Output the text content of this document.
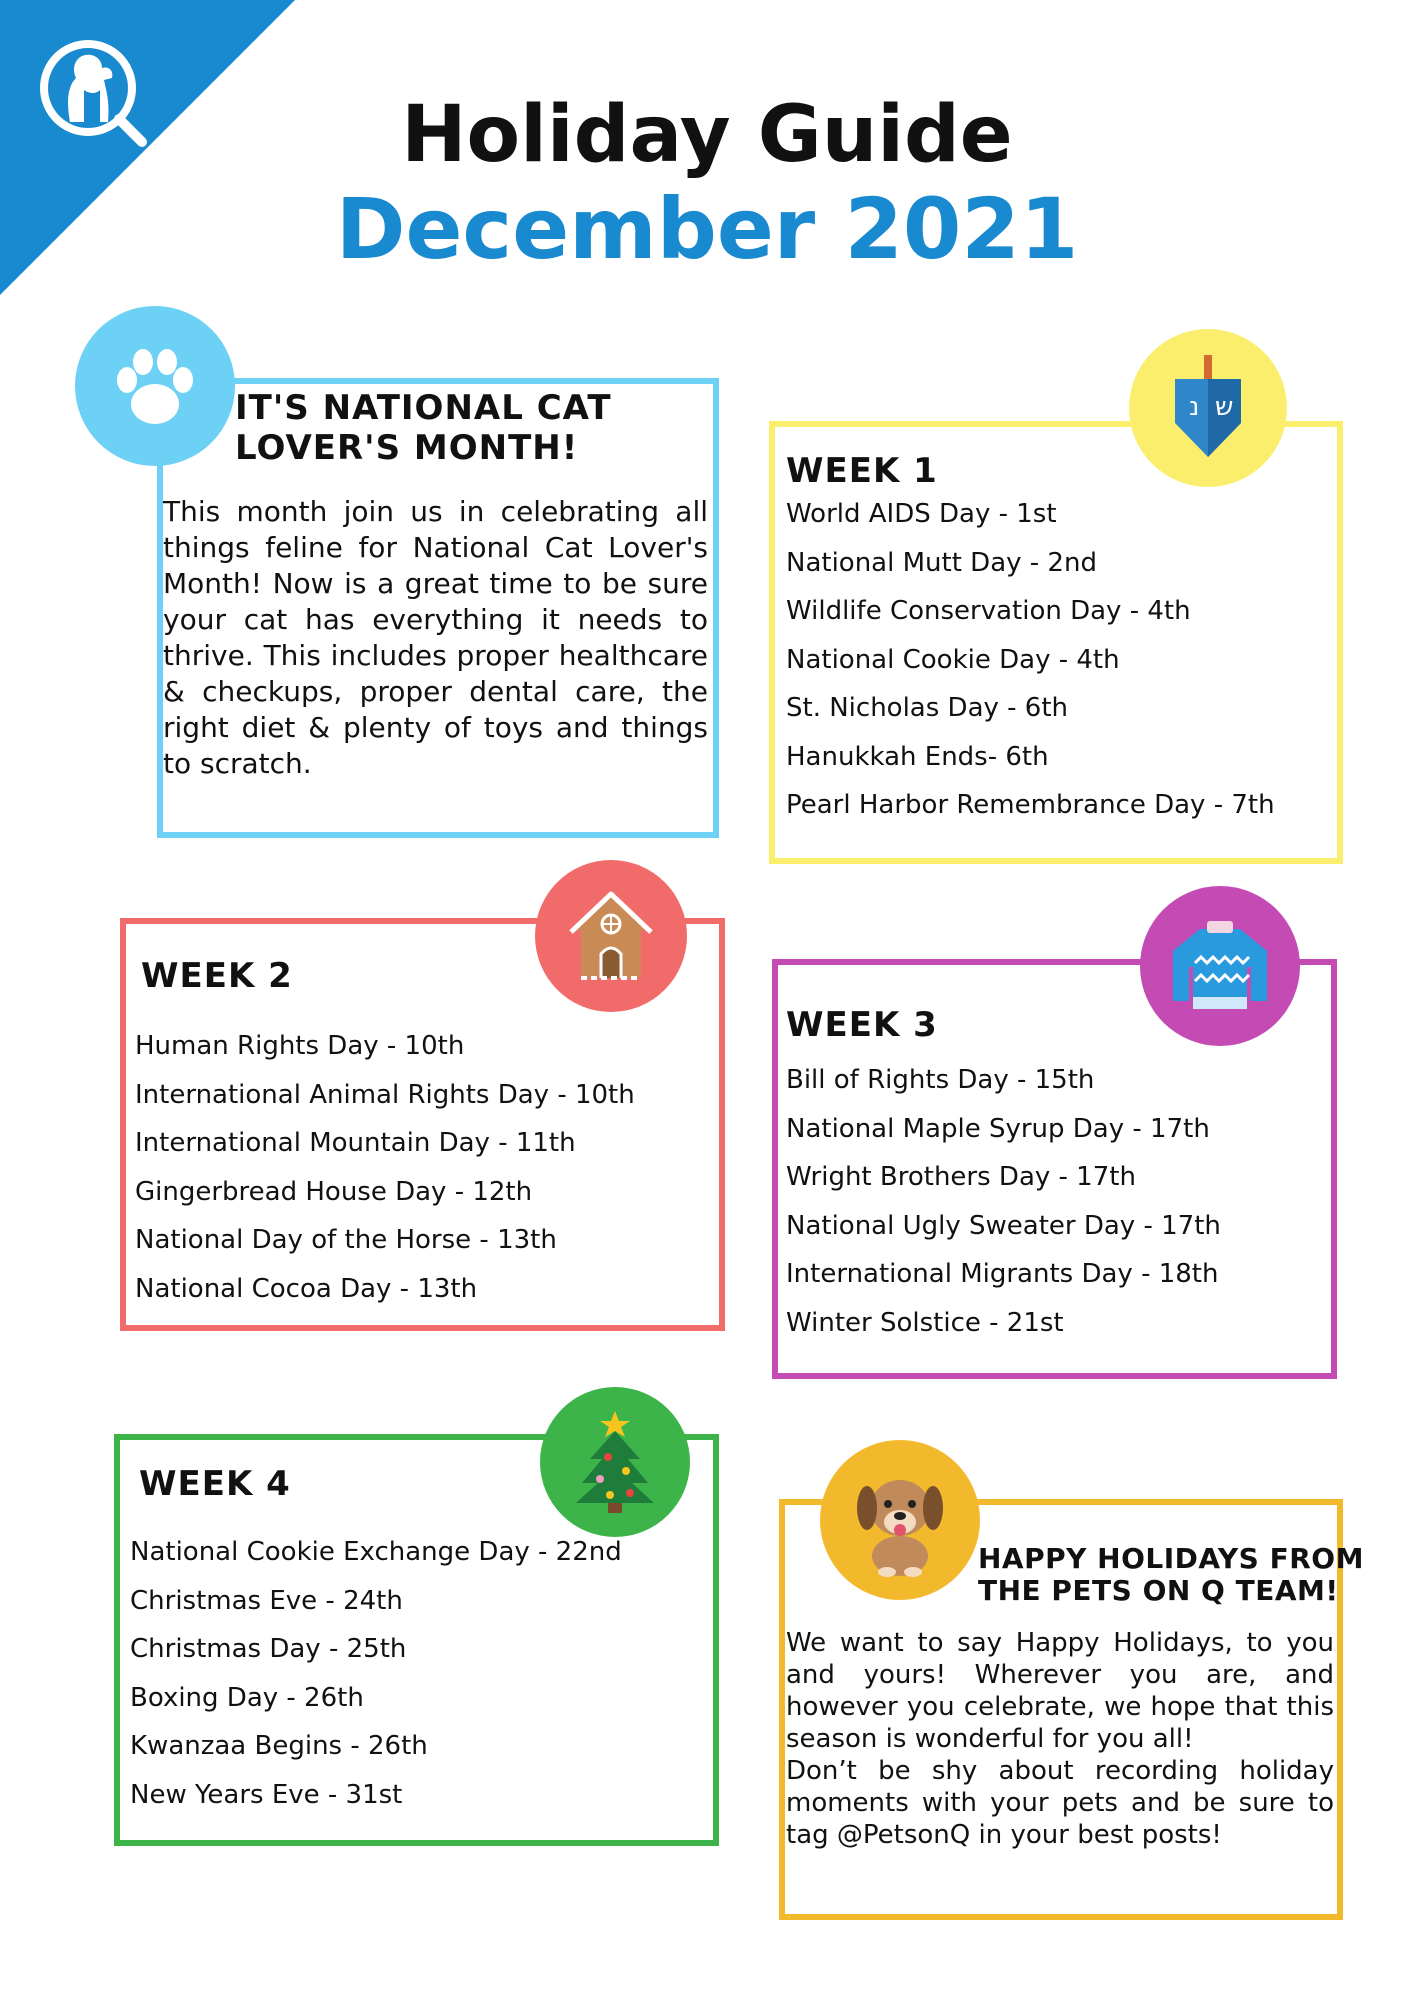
Holiday Guide
December 2021
IT'S NATIONAL CAT
LOVER'S MONTH!
This month join us in celebrating all things feline for National Cat Lover's Month! Now is a great time to be sure your cat has everything it needs to thrive. This includes proper healthcare & checkups, proper dental care, the right diet & plenty of toys and things to scratch.
נ ש
WEEK 1
World AIDS Day - 1st
National Mutt Day - 2nd
Wildlife Conservation Day - 4th
National Cookie Day - 4th
St. Nicholas Day - 6th
Hanukkah Ends- 6th
Pearl Harbor Remembrance Day - 7th
WEEK 2
Human Rights Day - 10th
International Animal Rights Day - 10th
International Mountain Day - 11th
Gingerbread House Day - 12th
National Day of the Horse - 13th
National Cocoa Day - 13th
WEEK 3
Bill of Rights Day - 15th
National Maple Syrup Day - 17th
Wright Brothers Day - 17th
National Ugly Sweater Day - 17th
International Migrants Day - 18th
Winter Solstice - 21st
WEEK 4
National Cookie Exchange Day - 22nd
Christmas Eve - 24th
Christmas Day - 25th
Boxing Day - 26th
Kwanzaa Begins - 26th
New Years Eve - 31st
HAPPY HOLIDAYS FROM
THE PETS ON Q TEAM!
We want to say Happy Holidays, to you and yours! Wherever you are, and however you celebrate, we hope that this season is wonderful for you all!
Don’t be shy about recording holiday moments with your pets and be sure to tag @PetsonQ in your best posts!
